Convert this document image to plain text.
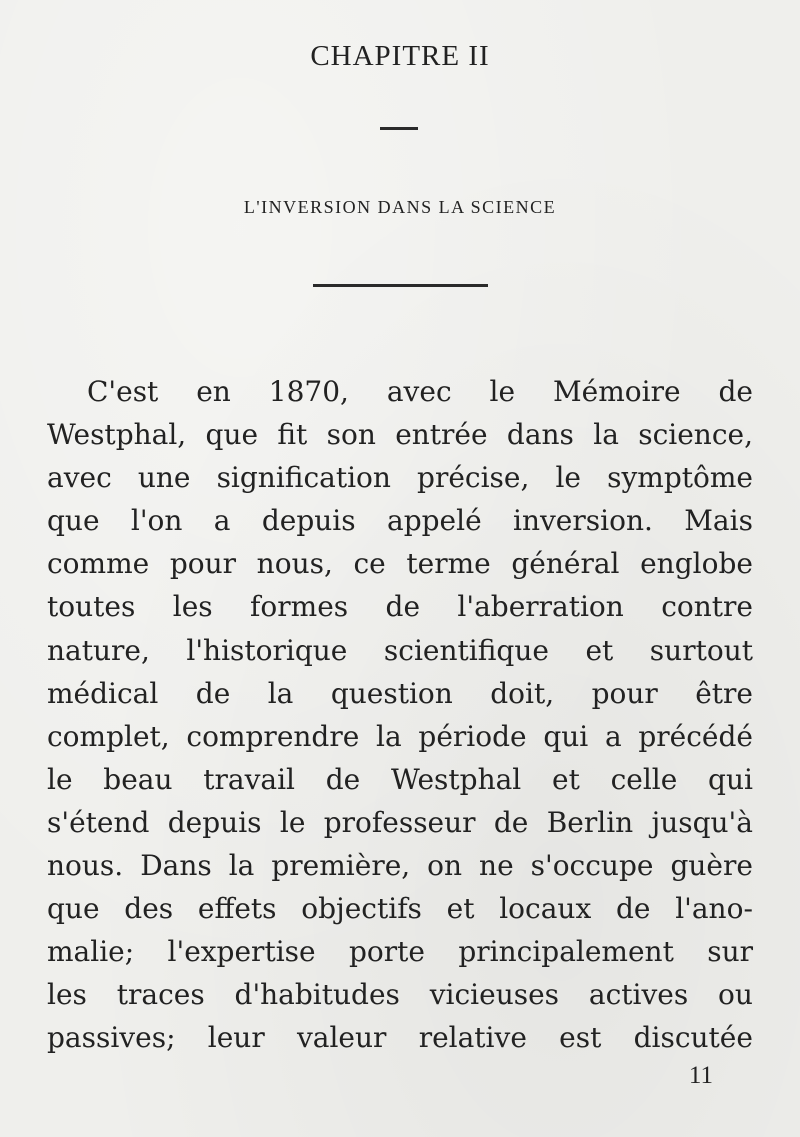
CHAPITRE II
L'INVERSION DANS LA SCIENCE
C'est en 1870, avec le Mémoire de
Westphal, que fit son entrée dans la science,
avec une signification précise, le symptôme
que l'on a depuis appelé inversion. Mais
comme pour nous, ce terme général englobe
toutes les formes de l'aberration contre
nature, l'historique scientifique et surtout
médical de la question doit, pour être
complet, comprendre la période qui a précédé
le beau travail de Westphal et celle qui
s'étend depuis le professeur de Berlin jusqu'à
nous. Dans la première, on ne s'occupe guère
que des effets objectifs et locaux de l'ano-
malie; l'expertise porte principalement sur
les traces d'habitudes vicieuses actives ou
passives; leur valeur relative est discutée
11
